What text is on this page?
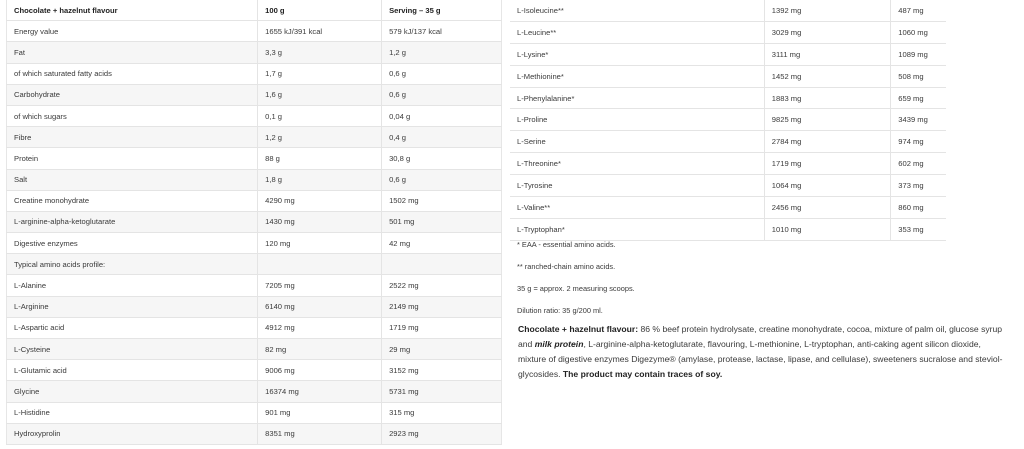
Chocolate + hazelnut flavour	100 g	Serving – 35 g
Energy value	1655 kJ/391 kcal	579 kJ/137 kcal
Fat	3,3 g	1,2 g
of which saturated fatty acids	1,7 g	0,6 g
Carbohydrate	1,6 g	0,6 g
of which sugars	0,1 g	0,04 g
Fibre	1,2 g	0,4 g
Protein	88 g	30,8 g
Salt	1,8 g	0,6 g
Creatine monohydrate	4290 mg	1502 mg
L-arginine-alpha-ketoglutarate	1430 mg	501 mg
Digestive enzymes	120 mg	42 mg
Typical amino acids profile:		
L-Alanine	7205 mg	2522 mg
L-Arginine	6140 mg	2149 mg
L-Aspartic acid	4912 mg	1719 mg
L-Cysteine	82 mg	29 mg
L-Glutamic acid	9006 mg	3152 mg
Glycine	16374 mg	5731 mg
L-Histidine	901 mg	315 mg
Hydroxyprolin	8351 mg	2923 mg
L-Isoleucine**	1392 mg	487 mg
L-Leucine**	3029 mg	1060 mg
L-Lysine*	3111 mg	1089 mg
L-Methionine*	1452 mg	508 mg
L-Phenylalanine*	1883 mg	659 mg
L-Proline	9825 mg	3439 mg
L-Serine	2784 mg	974 mg
L-Threonine*	1719 mg	602 mg
L-Tyrosine	1064 mg	373 mg
L-Valine**	2456 mg	860 mg
L-Tryptophan*	1010 mg	353 mg
* EAA - essential amino acids.
** ranched-chain amino acids.
35 g = approx. 2 measuring scoops.
Dilution ratio: 35 g/200 ml.
Chocolate + hazelnut flavour: 86 % beef protein hydrolysate, creatine monohydrate, cocoa, mixture of palm oil, glucose syrup and milk protein, L-arginine-alpha-ketoglutarate, flavouring, L-methionine, L-tryptophan, anti-caking agent silicon dioxide, mixture of digestive enzymes Digezyme® (amylase, protease, lactase, lipase, and cellulase), sweeteners sucralose and steviol-glycosides. The product may contain traces of soy.
